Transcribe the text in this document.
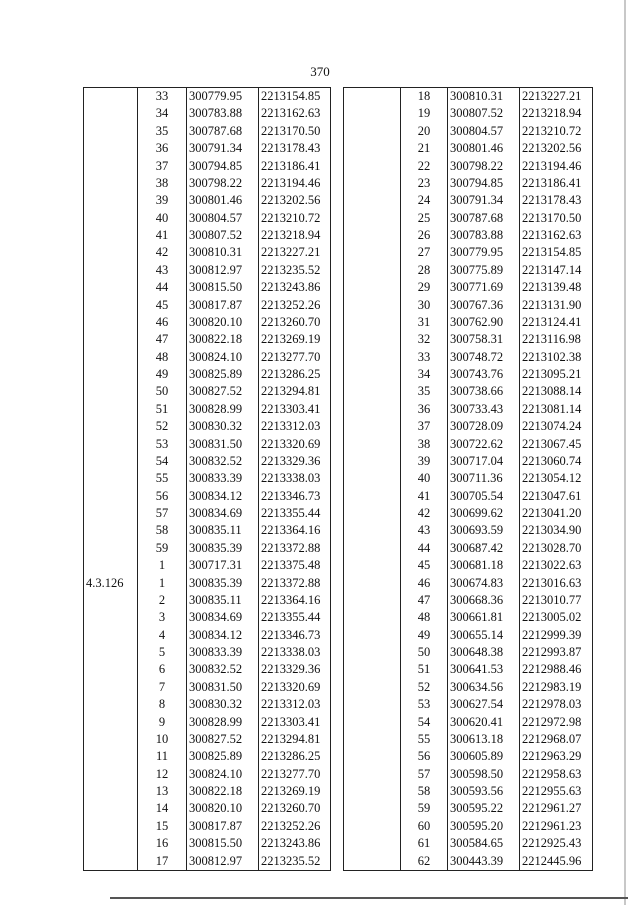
370
	33	300779.95	2213154.85
	34	300783.88	2213162.63
	35	300787.68	2213170.50
	36	300791.34	2213178.43
	37	300794.85	2213186.41
	38	300798.22	2213194.46
	39	300801.46	2213202.56
	40	300804.57	2213210.72
	41	300807.52	2213218.94
	42	300810.31	2213227.21
	43	300812.97	2213235.52
	44	300815.50	2213243.86
	45	300817.87	2213252.26
	46	300820.10	2213260.70
	47	300822.18	2213269.19
	48	300824.10	2213277.70
	49	300825.89	2213286.25
	50	300827.52	2213294.81
	51	300828.99	2213303.41
	52	300830.32	2213312.03
	53	300831.50	2213320.69
	54	300832.52	2213329.36
	55	300833.39	2213338.03
	56	300834.12	2213346.73
	57	300834.69	2213355.44
	58	300835.11	2213364.16
	59	300835.39	2213372.88
	1	300717.31	2213375.48
4.3.126	1	300835.39	2213372.88
	2	300835.11	2213364.16
	3	300834.69	2213355.44
	4	300834.12	2213346.73
	5	300833.39	2213338.03
	6	300832.52	2213329.36
	7	300831.50	2213320.69
	8	300830.32	2213312.03
	9	300828.99	2213303.41
	10	300827.52	2213294.81
	11	300825.89	2213286.25
	12	300824.10	2213277.70
	13	300822.18	2213269.19
	14	300820.10	2213260.70
	15	300817.87	2213252.26
	16	300815.50	2213243.86
	17	300812.97	2213235.52
	18	300810.31	2213227.21
	19	300807.52	2213218.94
	20	300804.57	2213210.72
	21	300801.46	2213202.56
	22	300798.22	2213194.46
	23	300794.85	2213186.41
	24	300791.34	2213178.43
	25	300787.68	2213170.50
	26	300783.88	2213162.63
	27	300779.95	2213154.85
	28	300775.89	2213147.14
	29	300771.69	2213139.48
	30	300767.36	2213131.90
	31	300762.90	2213124.41
	32	300758.31	2213116.98
	33	300748.72	2213102.38
	34	300743.76	2213095.21
	35	300738.66	2213088.14
	36	300733.43	2213081.14
	37	300728.09	2213074.24
	38	300722.62	2213067.45
	39	300717.04	2213060.74
	40	300711.36	2213054.12
	41	300705.54	2213047.61
	42	300699.62	2213041.20
	43	300693.59	2213034.90
	44	300687.42	2213028.70
	45	300681.18	2213022.63
	46	300674.83	2213016.63
	47	300668.36	2213010.77
	48	300661.81	2213005.02
	49	300655.14	2212999.39
	50	300648.38	2212993.87
	51	300641.53	2212988.46
	52	300634.56	2212983.19
	53	300627.54	2212978.03
	54	300620.41	2212972.98
	55	300613.18	2212968.07
	56	300605.89	2212963.29
	57	300598.50	2212958.63
	58	300593.56	2212955.63
	59	300595.22	2212961.27
	60	300595.20	2212961.23
	61	300584.65	2212925.43
	62	300443.39	2212445.96
